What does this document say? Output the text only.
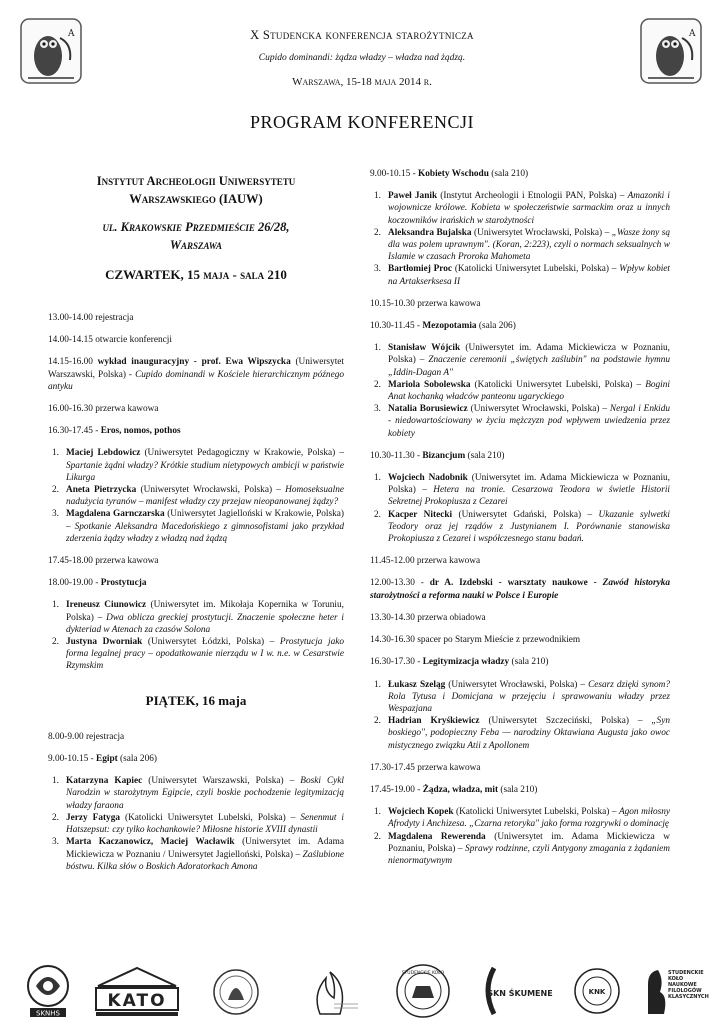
Α	Α
X Studencka konferencja starożytnicza
Cupido dominandi: żądza władzy – władza nad żądzą.
Warszawa, 15-18 maja 2014 r.
PROGRAM KONFERENCJI
Instytut Archeologii Uniwersytetu
Warszawskiego (IAUW)
ul. Krakowskie Przedmieście 26/28,
Warszawa
CZWARTEK, 15 maja - sala 210

13.00-14.00 rejestracja

14.00-14.15 otwarcie konferencji

14.15-16.00 wykład inauguracyjny - prof. Ewa Wipszycka (Uniwersytet Warszawski, Polska) - Cupido dominandi w Kościele hierarchicznym późnego antyku

16.00-16.30 przerwa kawowa

16.30-17.45 - Eros, nomos, pothos

1. Maciej Lebdowicz (Uniwersytet Pedagogiczny w Krakowie, Polska) – Spartanie żądni władzy? Krótkie studium nietypowych ambicji w państwie Likurga
2. Aneta Pietrzycka (Uniwersytet Wrocławski, Polska) – Homoseksualne nadużycia tyranów – manifest władzy czy przejaw nieopanowanej żądzy?
3. Magdalena Garnczarska (Uniwersytet Jagielloński w Krakowie, Polska) – Spotkanie Aleksandra Macedońskiego z gimnosofistami jako przykład zderzenia żądzy władzy z władzą nad żądzą

17.45-18.00 przerwa kawowa

18.00-19.00 - Prostytucja

1. Ireneusz Ciunowicz (Uniwersytet im. Mikołaja Kopernika w Toruniu, Polska) – Dwa oblicza greckiej prostytucji. Znaczenie społeczne heter i dykteriad w Atenach za czasów Solona
2. Justyna Dworniak (Uniwersytet Łódzki, Polska) – Prostytucja jako forma legalnej pracy – opodatkowanie nierządu w I w. n.e. w Cesarstwie Rzymskim
PIĄTEK, 16 maja

8.00-9.00 rejestracja

9.00-10.15 - Egipt (sala 206)

1. Katarzyna Kapiec (Uniwersytet Warszawski, Polska) – Boski Cykl Narodzin w starożytnym Egipcie, czyli boskie pochodzenie legitymizacją władzy faraona
2. Jerzy Fatyga (Katolicki Uniwersytet Lubelski, Polska) – Senenmut i Hatszepsut: czy tylko kochankowie? Miłosne historie XVIII dynastii
3. Marta Kaczanowicz, Maciej Wacławik (Uniwersytet im. Adama Mickiewicza w Poznaniu / Uniwersytet Jagielloński, Polska) – Zaślubione bóstwu. Kilka słów o Boskich Adoratorkach Amona

9.00-10.15 - Kobiety Wschodu (sala 210)

1. Paweł Janik (Instytut Archeologii i Etnologii PAN, Polska) – Amazonki i wojownicze królowe. Kobieta w społeczeństwie sarmackim oraz u innych koczowników irańskich w starożytności
2. Aleksandra Bujalska (Uniwersytet Wrocławski, Polska) – „Wasze żony są dla was polem uprawnym". (Koran, 2:223), czyli o normach seksualnych w Islamie w czasach Proroka Mahometa
3. Bartłomiej Proc (Katolicki Uniwersytet Lubelski, Polska) – Wpływ kobiet na Artakserksesa II

10.15-10.30 przerwa kawowa

10.30-11.45 - Mezopotamia (sala 206)

1. Stanisław Wójcik (Uniwersytet im. Adama Mickiewicza w Poznaniu, Polska) – Znaczenie ceremonii „świętych zaślubin" na podstawie hymnu „Iddin-Dagan A"
2. Mariola Sobolewska (Katolicki Uniwersytet Lubelski, Polska) – Bogini Anat kochanką władców panteonu ugaryckiego
3. Natalia Borusiewicz (Uniwersytet Wrocławski, Polska) – Nergal i Enkidu - niedowartościowany w życiu mężczyzn pod wpływem uwiedzenia przez kobiety

10.30-11.30 - Bizancjum (sala 210)

1. Wojciech Nadobnik (Uniwersytet im. Adama Mickiewicza w Poznaniu, Polska) – Hetera na tronie. Cesarzowa Teodora w świetle Historii Sekretnej Prokopiusza z Cezarei
2. Kacper Nitecki (Uniwersytet Gdański, Polska) – Ukazanie sylwetki Teodory oraz jej rządów z Justynianem I. Porównanie stanowiska Prokopiusza z Cezarei i współczesnego stanu badań.

11.45-12.00 przerwa kawowa

12.00-13.30 - dr A. Izdebski - warsztaty naukowe - Zawód historyka starożytności a reforma nauki w Polsce i Europie

13.30-14.30 przerwa obiadowa

14.30-16.30 spacer po Starym Mieście z przewodnikiem

16.30-17.30 - Legitymizacja władzy (sala 210)

1. Łukasz Szeląg (Uniwersytet Wrocławski, Polska) – Cesarz dzięki synom? Rola Tytusa i Domicjana w przejęciu i sprawowaniu władzy przez Wespazjana
2. Hadrian Kryśkiewicz (Uniwersytet Szczeciński, Polska) – „Syn boskiego", podopieczny Feba — narodziny Oktawiana Augusta jako owoc mistycznego związku Atii z Apollonem

17.30-17.45 przerwa kawowa

17.45-19.00 - Żądza, władza, mit (sala 210)

1. Wojciech Kopek (Katolicki Uniwersytet Lubelski, Polska) – Agon miłosny Afrodyty i Anchizesa. „Czarna retoryka" jako forma rozgrywki o dominację
2. Magdalena Rewerenda (Uniwersytet im. Adama Mickiewicza w Poznaniu, Polska) – Sprawy rodzinne, czyli Antygony zmagania z żądaniem nienormatywnym
SKNHS
KATO
STUDENCKIE KOŁO
SKN ŚKUMENE	KNK
STUDENCKIE KOŁO NAUKOWE FILOLOGÓW KLASYCZNYCH
